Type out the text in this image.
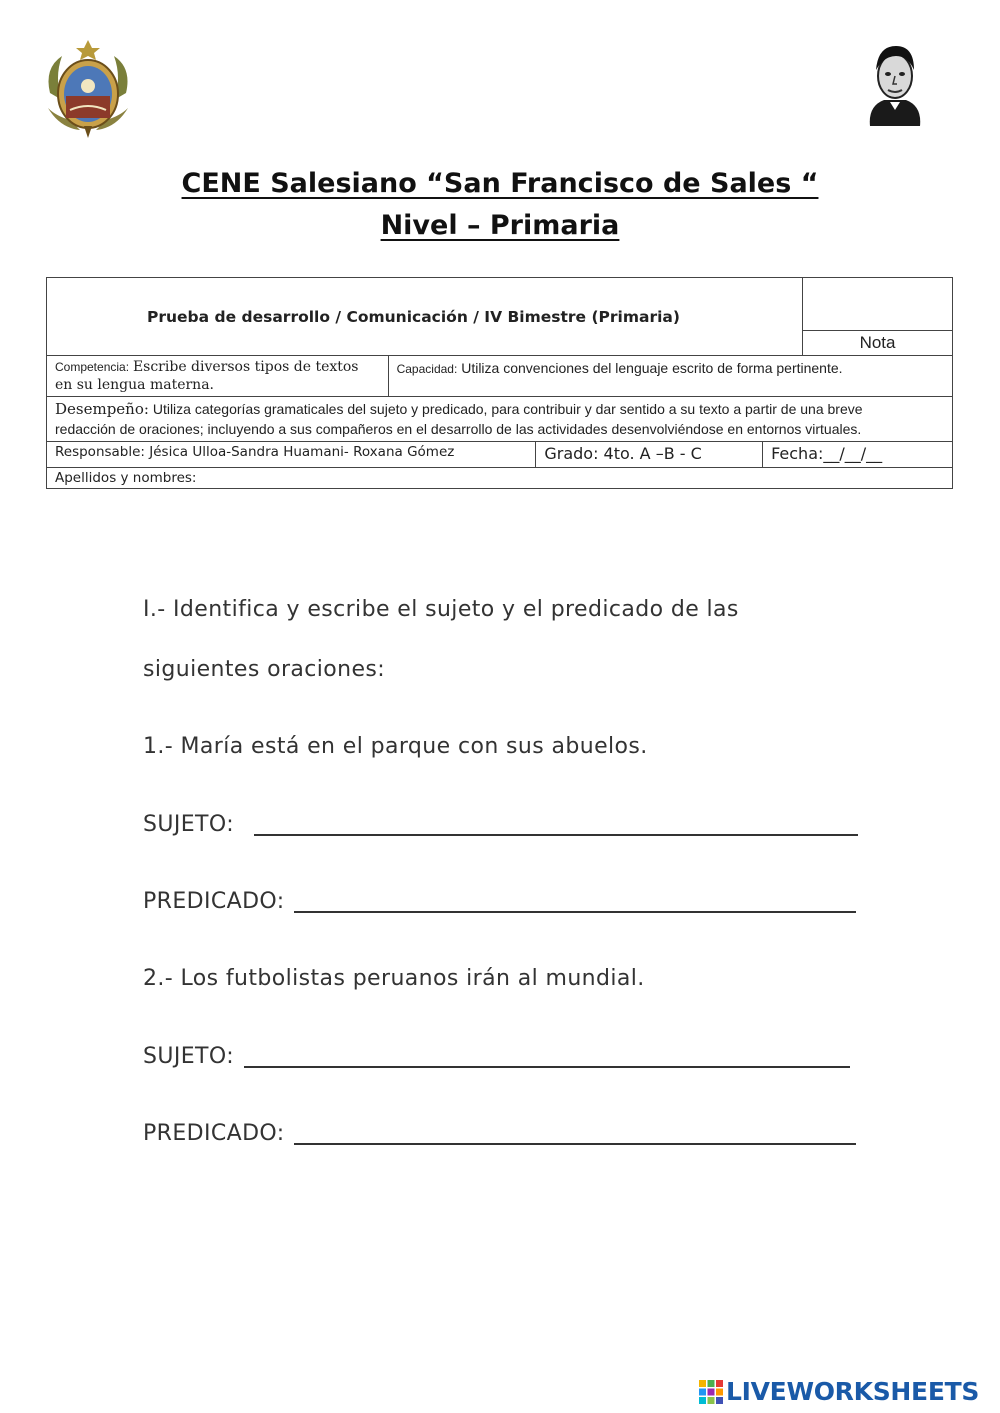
CENE Salesiano “San Francisco de Sales “
Nivel – Primaria
Prueba de desarrollo / Comunicación / IV Bimestre (Primaria)				Nota

Competencia: Escribe diversos tipos de textos en su lengua materna.	Capacidad: Utiliza convenciones del lenguaje escrito de forma pertinente.			
Desempeño: Utiliza categorías gramaticales del sujeto y predicado, para contribuir y dar sentido a su texto a partir de una breve redacción de oraciones; incluyendo a sus compañeros en el desarrollo de las actividades desenvolviéndose en entornos virtuales.				
Responsable: Jésica Ulloa-Sandra Huamani- Roxana Gómez		Grado: 4to. A –B - C	Fecha:__/__/__	
Apellidos y nombres:				
I.- Identifica y escribe el sujeto y el predicado de las
siguientes oraciones:
1.- María está en el parque con sus abuelos.
SUJETO:
PREDICADO:
2.- Los futbolistas peruanos irán al mundial.
SUJETO:
PREDICADO:
LIVEWORKSHEETS
